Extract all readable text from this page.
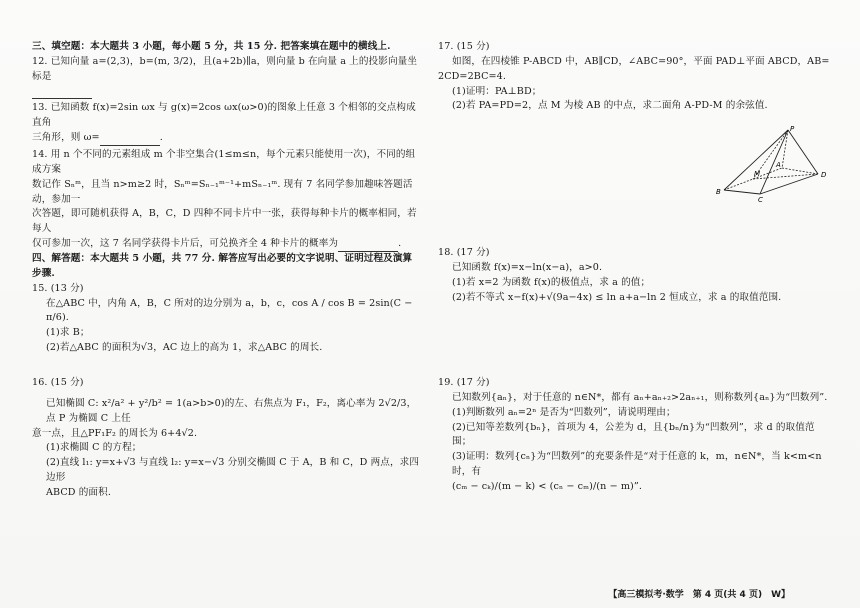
三、填空题：本大题共 3 小题，每小题 5 分，共 15 分. 把答案填在题中的横线上.

12. 已知向量 a=(2,3)，b=(m, 3/2)，且(a+2b)∥a，则向量 b 在向量 a 上的投影向量坐标是

13. 已知函数 f(x)=2sin ωx 与 g(x)=2cos ωx(ω>0)的图象上任意 3 个相邻的交点构成直角

三角形，则 ω=	.

14. 用 n 个不同的元素组成 m 个非空集合(1≤m≤n，每个元素只能使用一次)，不同的组成方案

数记作 Sₙᵐ，且当 n>m≥2 时，Sₙᵐ=Sₙ₋₁ᵐ⁻¹+mSₙ₋₁ᵐ. 现有 7 名同学参加趣味答题活动，参加一

次答题，即可随机获得 A，B，C，D 四种不同卡片中一张，获得每种卡片的概率相同，若每人

仅可参加一次，这 7 名同学获得卡片后，可兑换齐全 4 种卡片的概率为	.

四、解答题：本大题共 5 小题，共 77 分. 解答应写出必要的文字说明、证明过程及演算步骤.

15. (13 分)

在△ABC 中，内角 A，B，C 所对的边分别为 a，b，c，cos A / cos B = 2sin(C − π/6).

(1)求 B；

(2)若△ABC 的面积为√3，AC 边上的高为 1，求△ABC 的周长.

16. (15 分)

已知椭圆 C: x²/a² + y²/b² = 1(a>b>0)的左、右焦点为 F₁，F₂，离心率为 2√2/3，点 P 为椭圆 C 上任

意一点，且△PF₁F₂ 的周长为 6+4√2.

(1)求椭圆 C 的方程；

(2)直线 l₁: y=x+√3 与直线 l₂: y=x−√3 分别交椭圆 C 于 A，B 和 C，D 两点，求四边形

ABCD 的面积.

17. (15 分)

如图，在四棱锥 P-ABCD 中，AB∥CD，∠ABC=90°，平面 PAD⊥平面 ABCD，AB=

2CD=2BC=4.

(1)证明：PA⊥BD；

(2)若 PA=PD=2，点 M 为棱 AB 的中点，求二面角 A-PD-M 的余弦值.

18. (17 分)

已知函数 f(x)=x−ln(x−a)，a>0.

(1)若 x=2 为函数 f(x)的极值点，求 a 的值；

(2)若不等式 x−f(x)+√(9a−4x) ≤ ln a+a−ln 2 恒成立，求 a 的取值范围.

19. (17 分)

已知数列{aₙ}，对于任意的 n∈N*，都有 aₙ+aₙ₊₂>2aₙ₊₁，则称数列{aₙ}为“凹数列”.

(1)判断数列 aₙ=2ⁿ 是否为“凹数列”，请说明理由；

(2)已知等差数列{bₙ}，首项为 4，公差为 d，且{bₙ/n}为“凹数列”，求 d 的取值范围；

(3)证明：数列{cₙ}为“凹数列”的充要条件是“对于任意的 k，m，n∈N*，当 k<m<n 时，有

(cₘ − cₖ)/(m − k) < (cₙ − cₘ)/(n − m)”.

P
D
M
A
B
C
【高三模拟考·数学　第 4 页(共 4 页)　W】
